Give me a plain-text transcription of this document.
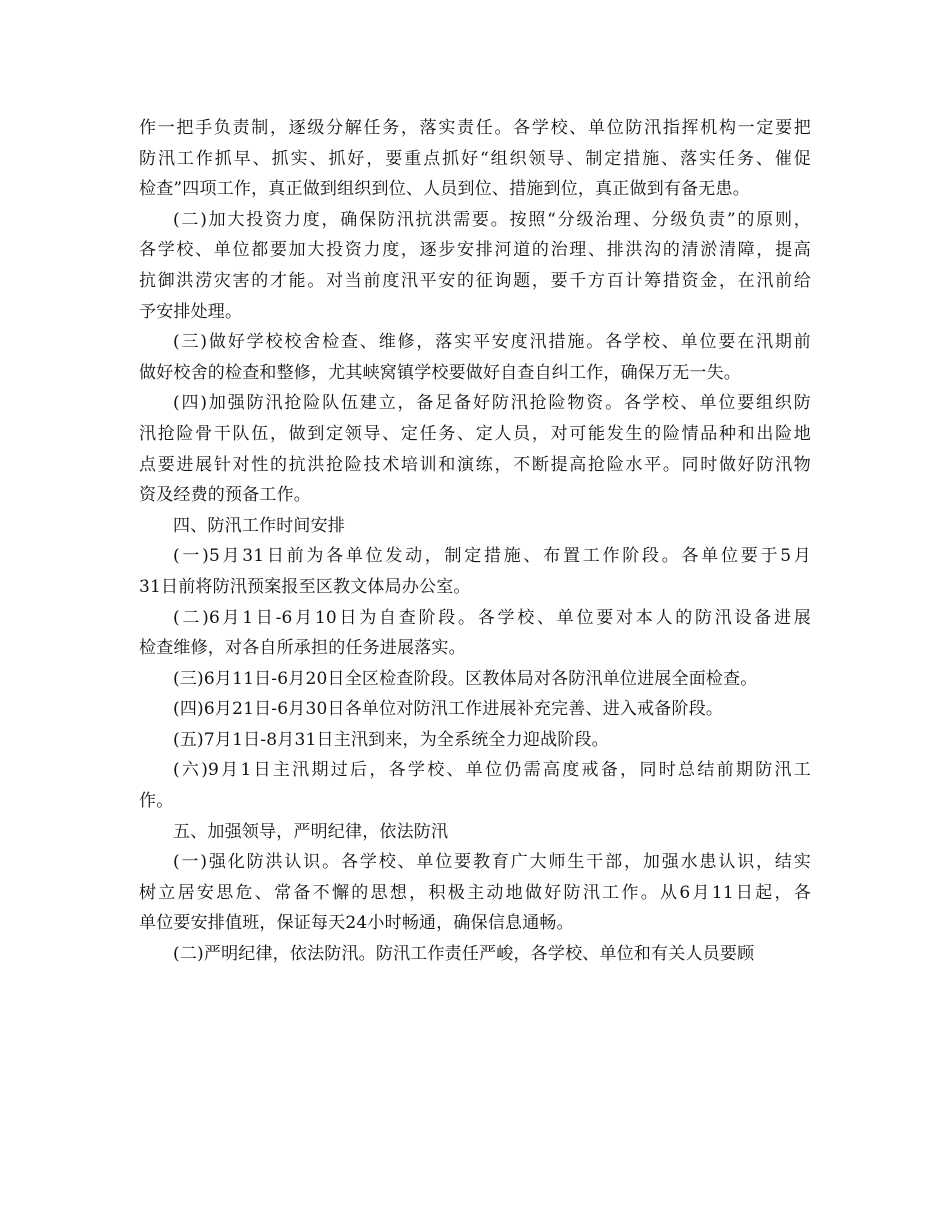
作一把手负责制，逐级分解任务，落实责任。各学校、单位防汛指挥机构一定要把
防汛工作抓早、抓实、抓好，要重点抓好“组织领导、制定措施、落实任务、催促
检查”四项工作，真正做到组织到位、人员到位、措施到位，真正做到有备无患。
(二)加大投资力度，确保防汛抗洪需要。按照“分级治理、分级负责”的原则，
各学校、单位都要加大投资力度，逐步安排河道的治理、排洪沟的清淤清障，提高
抗御洪涝灾害的才能。对当前度汛平安的征询题，要千方百计筹措资金，在汛前给
予安排处理。
(三)做好学校校舍检查、维修，落实平安度汛措施。各学校、单位要在汛期前
做好校舍的检查和整修，尤其峡窝镇学校要做好自查自纠工作，确保万无一失。
(四)加强防汛抢险队伍建立，备足备好防汛抢险物资。各学校、单位要组织防
汛抢险骨干队伍，做到定领导、定任务、定人员，对可能发生的险情品种和出险地
点要进展针对性的抗洪抢险技术培训和演练，不断提高抢险水平。同时做好防汛物
资及经费的预备工作。
四、防汛工作时间安排
(一)5月31日前为各单位发动，制定措施、布置工作阶段。各单位要于5月
31日前将防汛预案报至区教文体局办公室。
(二)6月1日-6月10日为自查阶段。各学校、单位要对本人的防汛设备进展
检查维修，对各自所承担的任务进展落实。
(三)6月11日-6月20日全区检查阶段。区教体局对各防汛单位进展全面检查。
(四)6月21日-6月30日各单位对防汛工作进展补充完善、进入戒备阶段。
(五)7月1日-8月31日主汛到来，为全系统全力迎战阶段。
(六)9月1日主汛期过后，各学校、单位仍需高度戒备，同时总结前期防汛工
作。
五、加强领导，严明纪律，依法防汛
(一)强化防洪认识。各学校、单位要教育广大师生干部，加强水患认识，结实
树立居安思危、常备不懈的思想，积极主动地做好防汛工作。从6月11日起，各
单位要安排值班，保证每天24小时畅通，确保信息通畅。
(二)严明纪律，依法防汛。防汛工作责任严峻，各学校、单位和有关人员要顾
